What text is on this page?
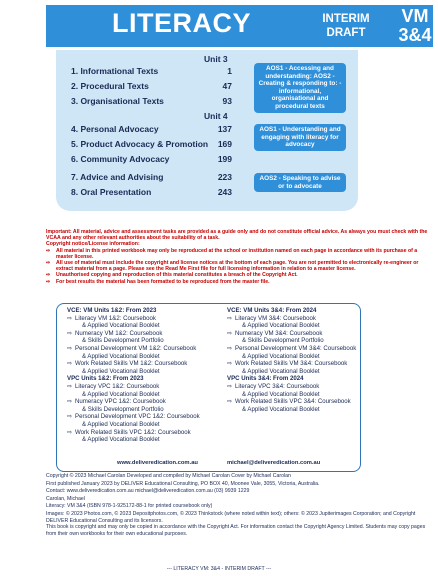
LITERACY	INTERIM
DRAFT
VM
3&4
Unit 3
1. Informational Texts	1
2. Procedural Texts	47
3. Organisational Texts	93
Unit 4
4. Personal Advocacy	137
5. Product Advocacy & Promotion 169
6. Community Advocacy	199
7. Advice and Advising	223
8. Oral Presentation	243
AOS1 - Accessing and understanding: AOS2 - Creating & responding to: - informational, organisational and procedural texts
AOS1 - Understanding and engaging with literacy for advocacy
AOS2 - Speaking to advise or to advocate
Important: All material, advice and assessment tasks are provided as a guide only and do not constitute official advice. As always you must check with the VCAA and any other relevant authorities about the suitability of a task.
Copyright notice/License information:
⇨ All material in this printed workbook may only be reproduced at the school or institution named on each page in accordance with its purchase of a master license.
⇨ All use of material must include the copyright and license notices at the bottom of each page. You are not permitted to electronically re-engineer or extract material from a page. Please see the Read Me First file for full licensing information in relation to a master license.
⇨ Unauthorised copying and reproduction of this material constitutes a breach of the Copyright Act.
⇨ For best results the material has been formatted to be reproduced from the master file.
VCE: VM Units 1&2: From 2023
⇨ Literacy VM 1&2: Coursebook
& Applied Vocational Booklet
⇨ Numeracy VM 1&2: Coursebook
& Skills Development Portfolio
⇨ Personal Development VM 1&2: Coursebook
& Applied Vocational Booklet
⇨ Work Related Skills VM 1&2: Coursebook
& Applied Vocational Booklet
VPC Units 1&2: From 2023
⇨ Literacy VPC 1&2: Coursebook
& Applied Vocational Booklet
⇨ Numeracy VPC 1&2: Coursebook
& Skills Development Portfolio
⇨ Personal Development VPC 1&2: Coursebook
& Applied Vocational Booklet
⇨ Work Related Skills VPC 1&2: Coursebook
& Applied Vocational Booklet
VCE: VM Units 3&4: From 2024
⇨ Literacy VM 3&4: Coursebook
& Applied Vocational Booklet
⇨ Numeracy VM 3&4: Coursebook
& Skills Development Portfolio
⇨ Personal Development VM 3&4: Coursebook
& Applied Vocational Booklet
⇨ Work Related Skills VM 3&4: Coursebook
& Applied Vocational Booklet
VPC Units 3&4: From 2024
⇨ Literacy VPC 3&4: Coursebook
& Applied Vocational Booklet
⇨ Work Related Skills VPC 3&4: Coursebook
& Applied Vocational Booklet
www.deliveredication.com.au	michael@deliveredication.com.au
Copyright © 2023 Michael Carolan Developed and compiled by Michael Carolan Cover by Michael Carolan
First published January 2023 by DELIVER Educational Consulting, PO BOX 40, Moonee Vale, 3055, Victoria, Australia.
Contact: www.deliveredication.com.au michael@deliveredication.com.au (03) 9939 1229
Carolan, Michael
Literacy: VM 3&4 (ISBN 978-1-925172-88-1 for printed coursebook only)
Images: © 2023 Photos.com, © 2023 Depositphotos.com, © 2023 Thinkstock (where noted within text); others: © 2023 Jupiterimages Corporation; and Copyright DELIVER Educational Consulting and its licensors.
This book is copyright and may only be copied in accordance with the Copyright Act. For information contact the Copyright Agency Limited. Students may copy pages from their own workbooks for their own educational purposes.
--- LITERACY VM: 3&4 - INTERIM DRAFT ---
